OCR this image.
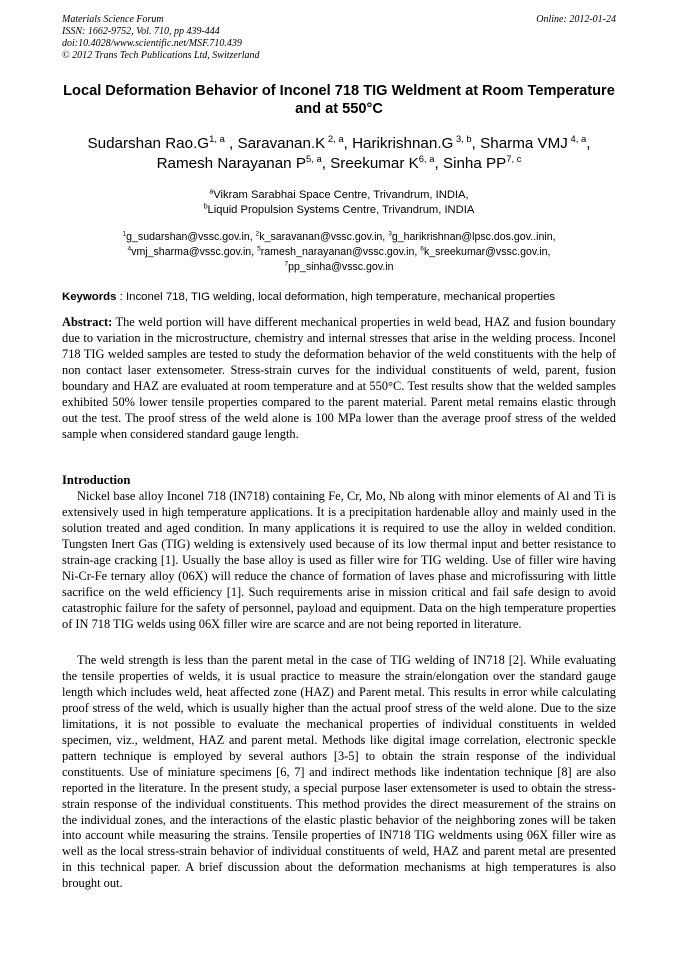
Materials Science Forum
ISSN: 1662-9752, Vol. 710, pp 439-444
doi:10.4028/www.scientific.net/MSF.710.439
© 2012 Trans Tech Publications Ltd, Switzerland
Online: 2012-01-24
Local Deformation Behavior of Inconel 718 TIG Weldment at Room Temperature and at 550°C
Sudarshan $Rao.G^{1, a}$ , Saravanan.K $^{2, a}$, Harikrishnan.G $^{3, b}$, Sharma VMJ $^{4, a}$,
Ramesh Narayanan P$^{5, a}$, Sreekumar K$^{6, a}$, Sinha PP$^{7, c}$
$^a$Vikram Sarabhai Space Centre, Trivandrum, INDIA,
$^b$Liquid Propulsion Systems Centre, Trivandrum, INDIA
$^1$g_sudarshan@vssc.gov.in, $^2$k_saravanan@vssc.gov.in, $^3$g_harikrishnan@lpsc.dos.gov..inin,
$^4$vmj_sharma@vssc.gov.in, $^5$ramesh_narayanan@vssc.gov.in, $^6$k_sreekumar@vssc.gov.in,
$^7$pp_sinha@vssc.gov.in
Keywords : Inconel 718, TIG welding, local deformation, high temperature, mechanical properties
Abstract: The weld portion will have different mechanical properties in weld bead, HAZ and fusion boundary due to variation in the microstructure, chemistry and internal stresses that arise in the welding process. Inconel 718 TIG welded samples are tested to study the deformation behavior of the weld constituents with the help of non contact laser extensometer. Stress-strain curves for the individual constituents of weld, parent, fusion boundary and HAZ are evaluated at room temperature and at 550°C. Test results show that the welded samples exhibited 50% lower tensile properties compared to the parent material. Parent metal remains elastic through out the test. The proof stress of the weld alone is 100 MPa lower than the average proof stress of the welded sample when considered standard gauge length.
Introduction

Nickel base alloy Inconel 718 (IN718) containing Fe, Cr, Mo, Nb along with minor elements of Al and Ti is extensively used in high temperature applications. It is a precipitation hardenable alloy and mainly used in the solution treated and aged condition. In many applications it is required to use the alloy in welded condition. Tungsten Inert Gas (TIG) welding is extensively used because of its low thermal input and better resistance to strain-age cracking [1]. Usually the base alloy is used as filler wire for TIG welding. Use of filler wire having Ni-Cr-Fe ternary alloy (06X) will reduce the chance of formation of laves phase and microfissuring with little sacrifice on the weld efficiency [1]. Such requirements arise in mission critical and fail safe design to avoid catastrophic failure for the safety of personnel, payload and equipment. Data on the high temperature properties of IN 718 TIG welds using 06X filler wire are scarce and are not being reported in literature.

The weld strength is less than the parent metal in the case of TIG welding of IN718 [2]. While evaluating the tensile properties of welds, it is usual practice to measure the strain/elongation over the standard gauge length which includes weld, heat affected zone (HAZ) and Parent metal. This results in error while calculating proof stress of the weld, which is usually higher than the actual proof stress of the weld alone. Due to the size limitations, it is not possible to evaluate the mechanical properties of individual constituents in welded specimen, viz., weldment, HAZ and parent metal. Methods like digital image correlation, electronic speckle pattern technique is employed by several authors [3-5] to obtain the strain response of the individual constituents. Use of miniature specimens [6, 7] and indirect methods like indentation technique [8] are also reported in the literature. In the present study, a special purpose laser extensometer is used to obtain the stress-strain response of the individual constituents. This method provides the direct measurement of the strains on the individual zones, and the interactions of the elastic plastic behavior of the neighboring zones will be taken into account while measuring the strains. Tensile properties of IN718 TIG weldments using 06X filler wire as well as the local stress-strain behavior of individual constituents of weld, HAZ and parent metal are presented in this technical paper. A brief discussion about the deformation mechanisms at high temperatures is also brought out.
